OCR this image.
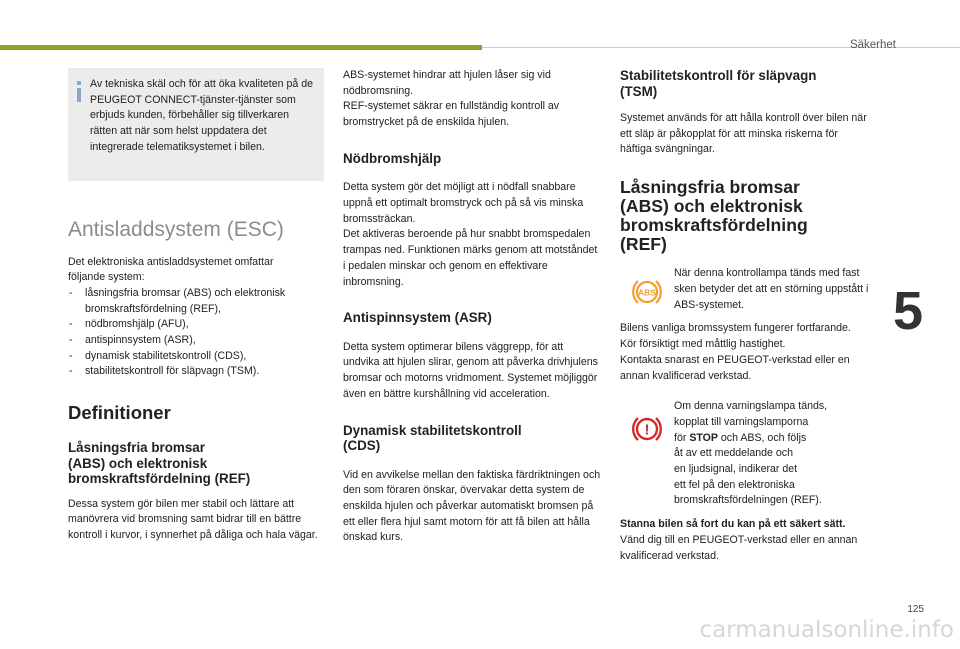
Säkerhet
5
125
carmanualsonline.info

Av tekniska skäl och för att öka kvaliteten på de PEUGEOT CONNECT-tjänster-tjänster som erbjuds kunden, förbehåller sig tillverkaren rätten att när som helst uppdatera det integrerade telematiksystemet i bilen.

Antisladdsystem (ESC)

Det elektroniska antisladdsystemet omfattar

följande system:

- låsningsfria bromsar (ABS) och elektronisk bromskraftsfördelning (REF),
- nödbromshjälp (AFU),
- antispinnsystem (ASR),
- dynamisk stabilitetskontroll (CDS),
- stabilitetskontroll för släpvagn (TSM).
Definitioner
Låsningsfria bromsar
(ABS) och elektronisk
bromskraftsfördelning (REF)

Dessa system gör bilen mer stabil och lättare att manövrera vid bromsning samt bidrar till en bättre kontroll i kurvor, i synnerhet på dåliga och hala vägar.

ABS-systemet hindrar att hjulen låser sig vid

nödbromsning.

REF-systemet säkrar en fullständig kontroll av

bromstrycket på de enskilda hjulen.

Nödbromshjälp

Detta system gör det möjligt att i nödfall snabbare uppnå ett optimalt bromstryck och på så vis minska bromssträckan.

Det aktiveras beroende på hur snabbt bromspedalen trampas ned. Funktionen märks genom att motståndet i pedalen minskar och genom en effektivare inbromsning.

Antispinnsystem (ASR)

Detta system optimerar bilens väggrepp, för att undvika att hjulen slirar, genom att påverka drivhjulens bromsar och motorns vridmoment. Systemet möjliggör även en bättre kurshållning vid acceleration.

Dynamisk stabilitetskontroll
(CDS)

Vid en avvikelse mellan den faktiska färdriktningen och den som föraren önskar, övervakar detta system de enskilda hjulen och påverkar automatiskt bromsen på ett eller flera hjul samt motorn för att få bilen att hålla önskad kurs.

Stabilitetskontroll för släpvagn
(TSM)

Systemet används för att hålla kontroll över bilen när ett släp är påkopplat för att minska riskerna för häftiga svängningar.

Låsningsfria bromsar
(ABS) och elektronisk
bromskraftsfördelning
(REF)
ABS

När denna kontrollampa tänds med fast sken betyder det att en störning uppstått i ABS-systemet.

Bilens vanliga bromssystem fungerer fortfarande. Kör försiktigt med måttlig hastighet.

Kontakta snarast en PEUGEOT-verkstad eller en annan kvalificerad verkstad.

!

Om denna varningslampa tänds,

kopplat till varningslamporna

för STOP och ABS, och följs

åt av ett meddelande och

en ljudsignal, indikerar det

ett fel på den elektroniska

bromskraftsfördelningen (REF).

Stanna bilen så fort du kan på ett säkert sätt.

Vänd dig till en PEUGEOT-verkstad eller en annan kvalificerad verkstad.
